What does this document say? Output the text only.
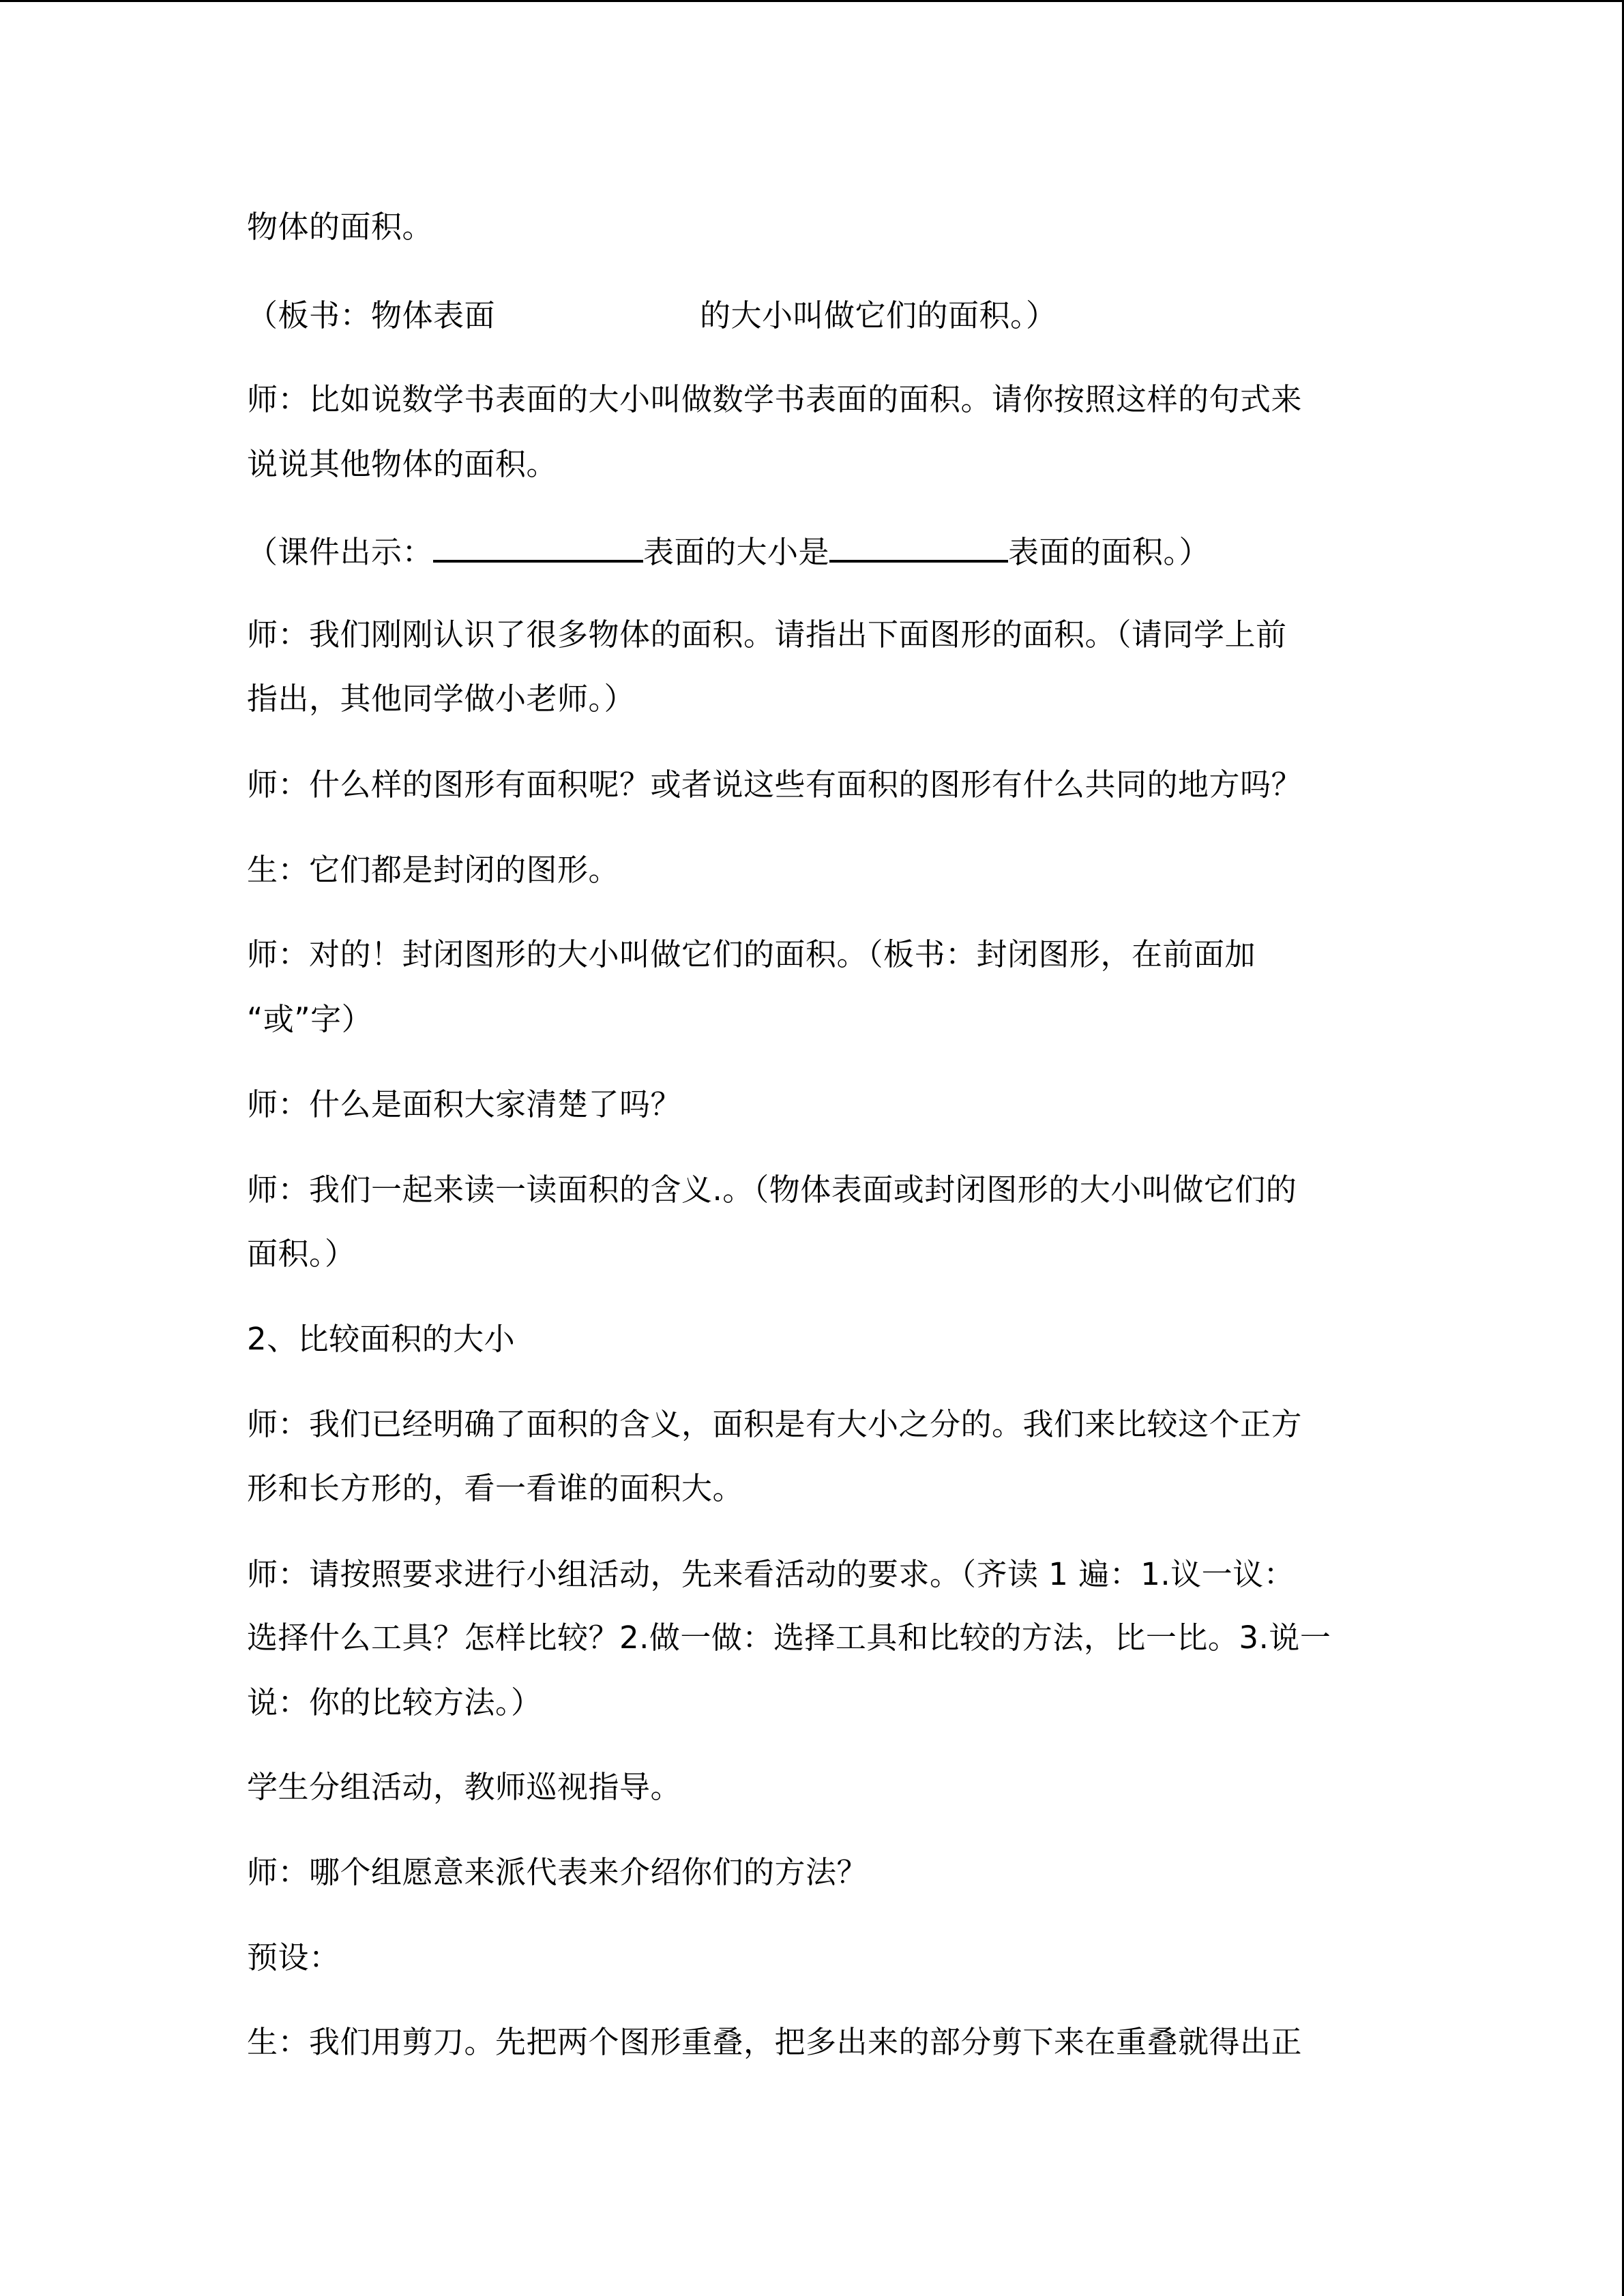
物体的面积。
（板书：物体表面	的大小叫做它们的面积。）
师：比如说数学书表面的大小叫做数学书表面的面积。请你按照这样的句式来
说说其他物体的面积。
（课件出示：	表面的大小是	表面的面积。）
师：我们刚刚认识了很多物体的面积。请指出下面图形的面积。（请同学上前
指出，其他同学做小老师。）
师：什么样的图形有面积呢？或者说这些有面积的图形有什么共同的地方吗？
生：它们都是封闭的图形。
师：对的！封闭图形的大小叫做它们的面积。（板书：封闭图形，在前面加
“或”字）
师：什么是面积大家清楚了吗？
师：我们一起来读一读面积的含义.。（物体表面或封闭图形的大小叫做它们的
面积。）
2、比较面积的大小
师：我们已经明确了面积的含义，面积是有大小之分的。我们来比较这个正方
形和长方形的，看一看谁的面积大。
师：请按照要求进行小组活动，先来看活动的要求。（齐读 1 遍：1.议一议：
选择什么工具？怎样比较？2.做一做：选择工具和比较的方法，比一比。3.说一
说：你的比较方法。）
学生分组活动，教师巡视指导。
师：哪个组愿意来派代表来介绍你们的方法？
预设：
生：我们用剪刀。先把两个图形重叠，把多出来的部分剪下来在重叠就得出正
